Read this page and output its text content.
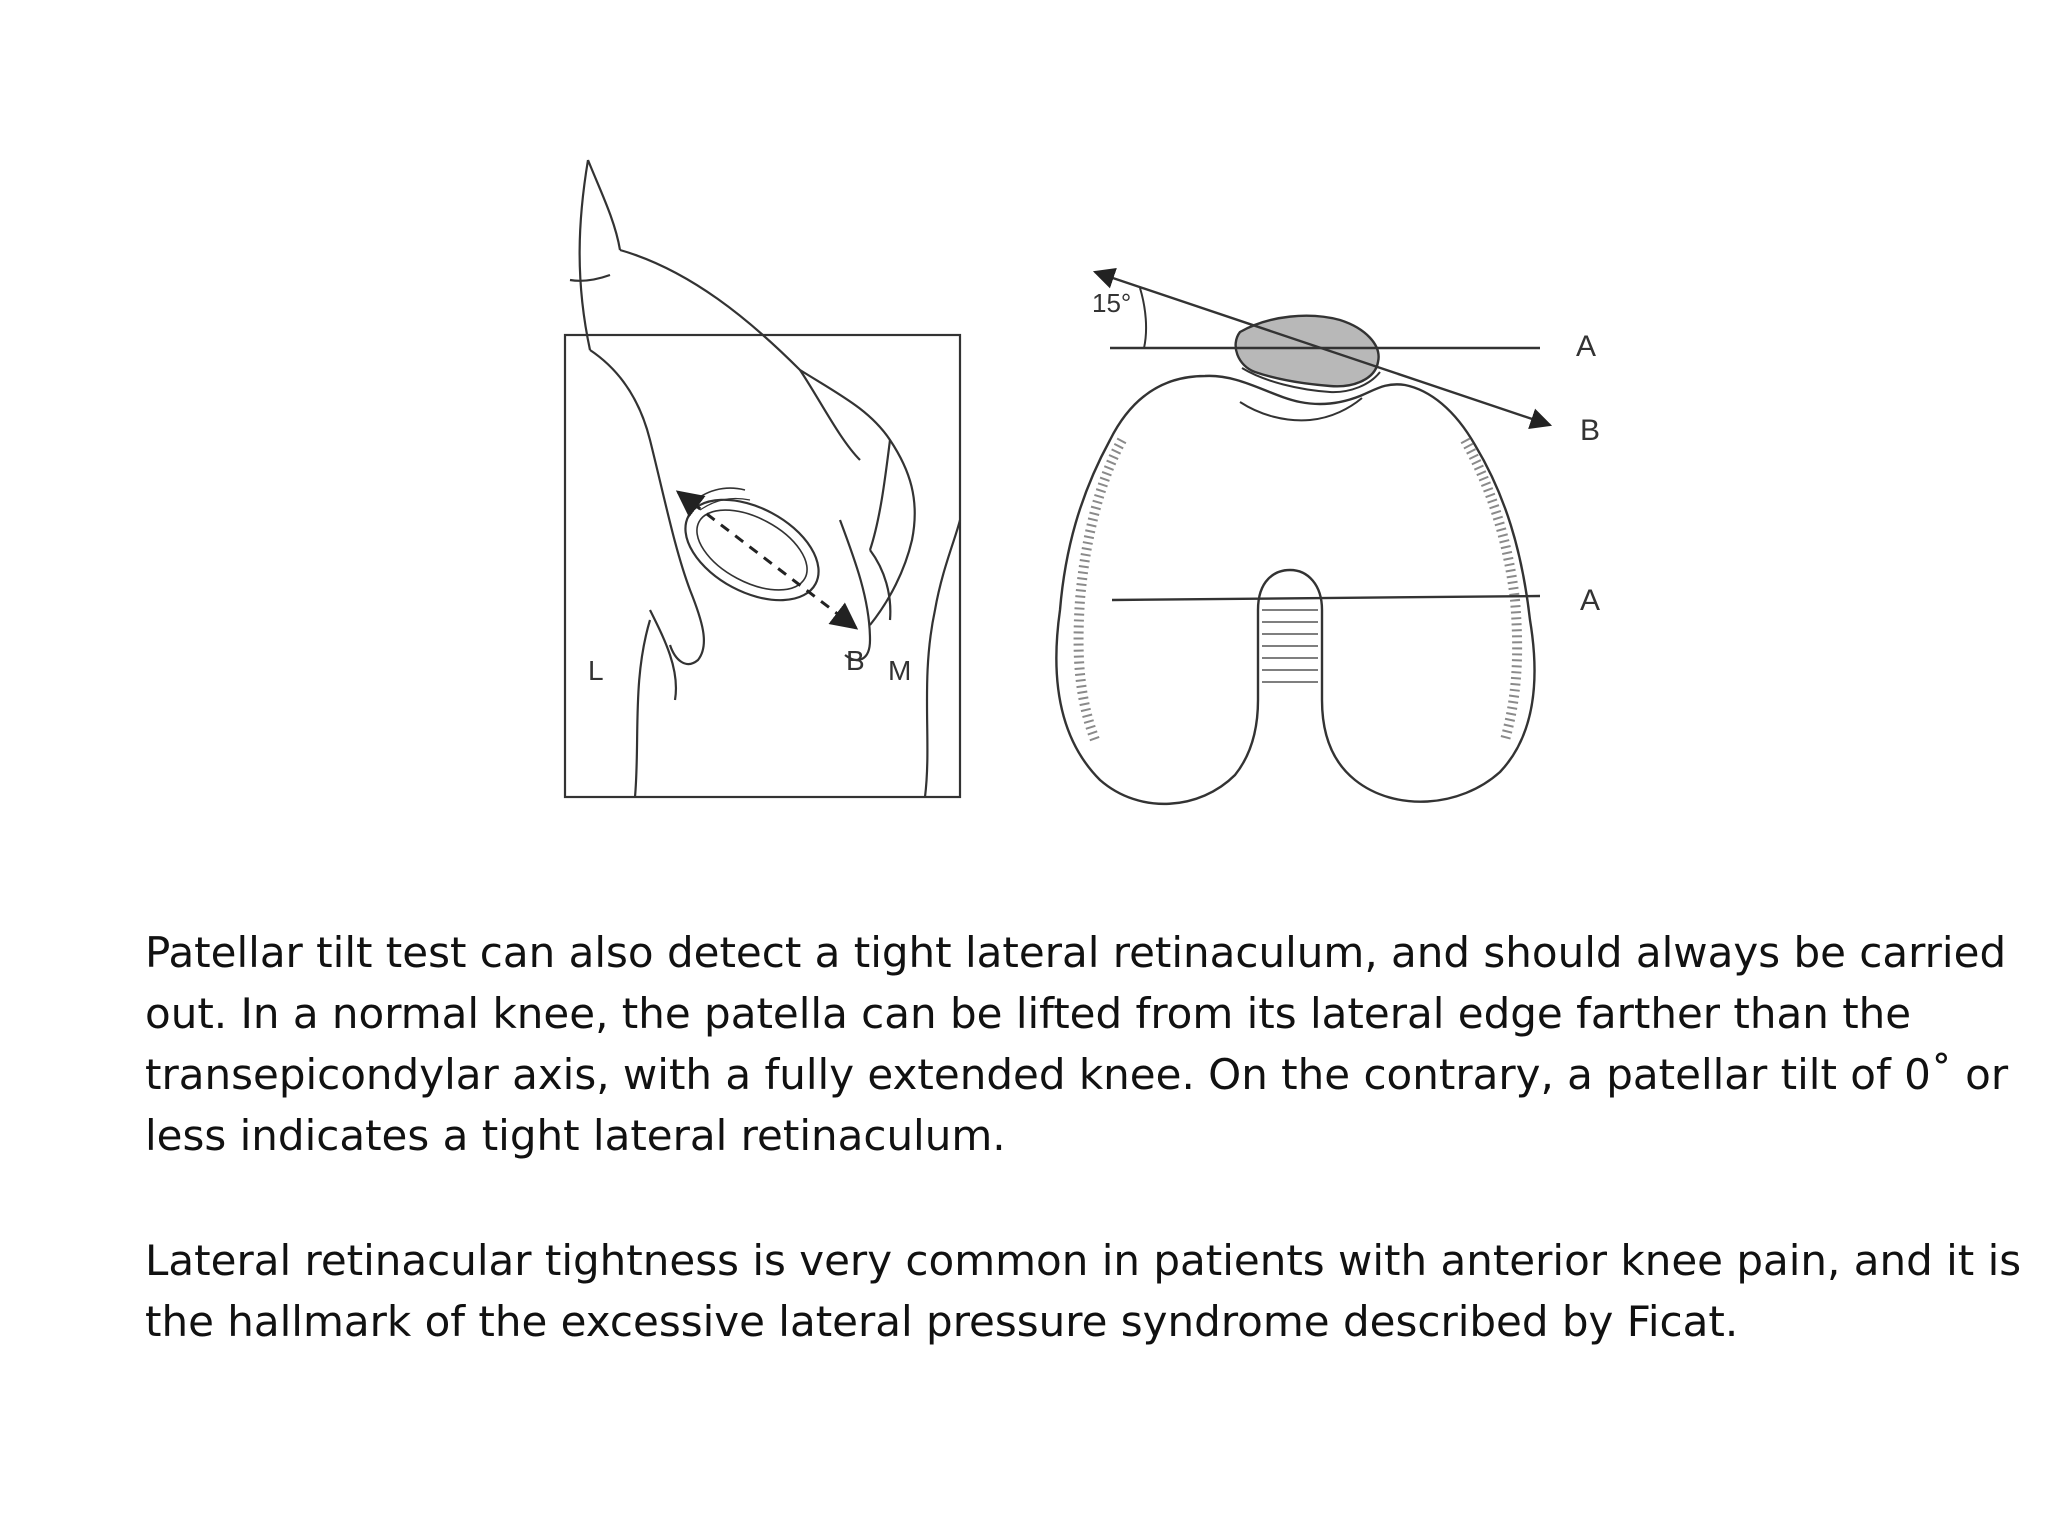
L	B M
15°
A
B
A

Patellar tilt test can also detect a tight lateral retinaculum, and should always be carried out. In a normal knee, the patella can be lifted from its lateral edge farther than the transepicondylar axis, with a fully extended knee. On the contrary, a patellar tilt of 0˚ or less indicates a tight lateral retinaculum.

Lateral retinacular tightness is very common in patients with anterior knee pain, and it is the hallmark of the excessive lateral pressure syndrome described by Ficat.
